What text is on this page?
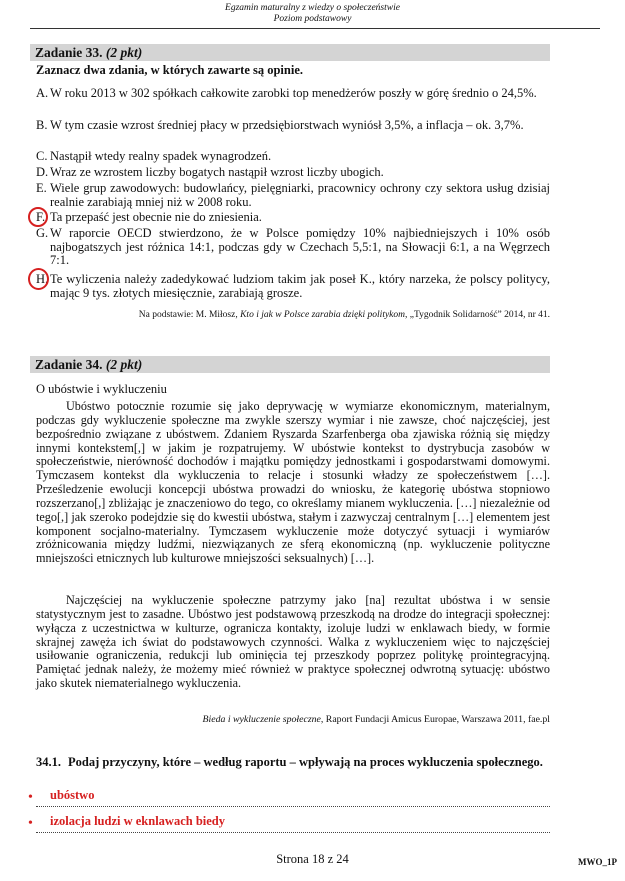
Egzamin maturalny z wiedzy o społeczeństwie
Poziom podstawowy
Zadanie 33. (2 pkt)
Zaznacz dwa zdania, w których zawarte są opinie.
A. W roku 2013 w 302 spółkach całkowite zarobki top menedżerów poszły w górę średnio o 24,5%.
B. W tym czasie wzrost średniej płacy w przedsiębiorstwach wyniósł 3,5%, a inflacja – ok. 3,7%.
C. Nastąpił wtedy realny spadek wynagrodzeń.
D. Wraz ze wzrostem liczby bogatych nastąpił wzrost liczby ubogich.
E. Wiele grup zawodowych: budowlańcy, pielęgniarki, pracownicy ochrony czy sektora usług dzisiaj realnie zarabiają mniej niż w 2008 roku.
F. Ta przepaść jest obecnie nie do zniesienia.
G. W raporcie OECD stwierdzono, że w Polsce pomiędzy 10% najbiedniejszych i 10% osób najbogatszych jest różnica 14:1, podczas gdy w Czechach 5,5:1, na Słowacji 6:1, a na Węgrzech 7:1.
H. Te wyliczenia należy zadedykować ludziom takim jak poseł K., który narzeka, że polscy politycy, mając 9 tys. złotych miesięcznie, zarabiają grosze.
Na podstawie: M. Miłosz, Kto i jak w Polsce zarabia dzięki politykom, „Tygodnik Solidarność” 2014, nr 41.
Zadanie 34. (2 pkt)
O ubóstwie i wykluczeniu
Ubóstwo potocznie rozumie się jako deprywację w wymiarze ekonomicznym, materialnym, podczas gdy wykluczenie społeczne ma zwykle szerszy wymiar i nie zawsze, choć najczęściej, jest bezpośrednio związane z ubóstwem. Zdaniem Ryszarda Szarfenberga oba zjawiska różnią się między innymi kontekstem[,] w jakim je rozpatrujemy. W ubóstwie kontekst to dystrybucja zasobów w społeczeństwie, nierówność dochodów i majątku pomiędzy jednostkami i gospodarstwami domowymi. Tymczasem kontekst dla wykluczenia to relacje i stosunki władzy ze społeczeństwem […]. Prześledzenie ewolucji koncepcji ubóstwa prowadzi do wniosku, że kategorię ubóstwa stopniowo rozszerzano[,] zbliżając je znaczeniowo do tego, co określamy mianem wykluczenia. […] niezależnie od tego[,] jak szeroko podejdzie się do kwestii ubóstwa, stałym i zazwyczaj centralnym […] elementem jest komponent socjalno-materialny. Tymczasem wykluczenie może dotyczyć sytuacji i wymiarów zróżnicowania między ludźmi, niezwiązanych ze sferą ekonomiczną (np. wykluczenie polityczne mniejszości etnicznych lub kulturowe mniejszości seksualnych) […].
Najczęściej na wykluczenie społeczne patrzymy jako [na] rezultat ubóstwa i w sensie statystycznym jest to zasadne. Ubóstwo jest podstawową przeszkodą na drodze do integracji społecznej: wyłącza z uczestnictwa w kulturze, ogranicza kontakty, izoluje ludzi w enklawach biedy, w formie skrajnej zawęża ich świat do podstawowych czynności. Walka z wykluczeniem więc to najczęściej usiłowanie ograniczenia, redukcji lub ominięcia tej przeszkody poprzez politykę prointegracyjną. Pamiętać jednak należy, że możemy mieć również w praktyce społecznej odwrotną sytuację: ubóstwo jako skutek niematerialnego wykluczenia.
Bieda i wykluczenie społeczne, Raport Fundacji Amicus Europae, Warszawa 2011, fae.pl
34.1. Podaj przyczyny, które – według raportu – wpływają na proces wykluczenia społecznego.
• ubóstwo
• izolacja ludzi w eknlawach biedy
Strona 18 z 24	MWO_1P
